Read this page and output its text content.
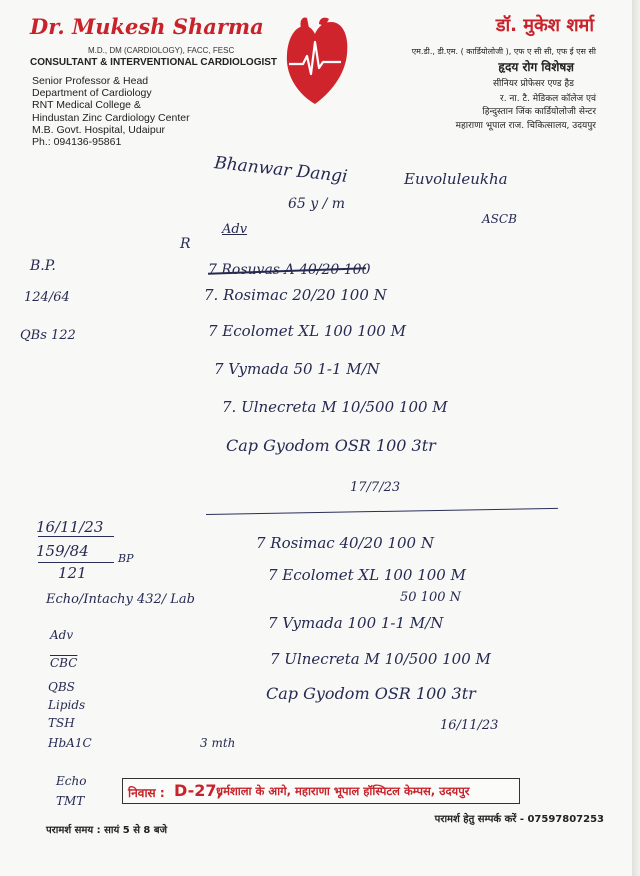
Dr. Mukesh Sharma
M.D., DM (CARDIOLOGY), FACC, FESC
CONSULTANT & INTERVENTIONAL CARDIOLOGIST
Senior Professor & Head
Department of Cardiology
RNT Medical College &
Hindustan Zinc Cardiology Center
M.B. Govt. Hospital, Udaipur
Ph.: 094136-95861
डॉ. मुकेश शर्मा
एम.डी., डी.एम. ( कार्डियोलोजी ), एफ ए सी सी, एफ ई एस सी
हृदय रोग विशेषज्ञ
सीनियर प्रोफेसर एण्ड हैड
र. ना. टै. मेडिकल कॉलेज एवं
हिन्दुस्तान जिंक कार्डियोलोजी सेन्टर
महाराणा भूपाल राज. चिकित्सालय, उदयपुर
Bhanwar Dangi	Euvoluleukha
65 y / m
ASCB
Adv
R
B.P.
124/64
QBs 122
7 Rosuvas A 40/20 100
7. Rosimac 20/20 100 N
7 Ecolomet XL 100 100 M
7 Vymada 50 1-1 M/N
7. Ulnecreta M 10/500 100 M
Cap Gyodom OSR 100 3tr
17/7/23
16/11/23
159/84	BP
121
Echo/Intachy 432/ Lab
Adv
$\overline{CBC}$
QBS
Lipids
TSH
HbA1C
Echo
TMT
7 Rosimac 40/20 100 N
7 Ecolomet XL 100 100 M
50 100 N
7 Vymada 100 1-1 M/N
7 Ulnecreta M 10/500 100 M
Cap Gyodom OSR 100 3tr
16/11/23
3 mth
निवास : D-27,
धर्मशाला के आगे, महाराणा भूपाल हॉस्पिटल केम्पस, उदयपुर
परामर्श हेतु सम्पर्क करें - 07597807253
परामर्श समय : सायं 5 से 8 बजे
